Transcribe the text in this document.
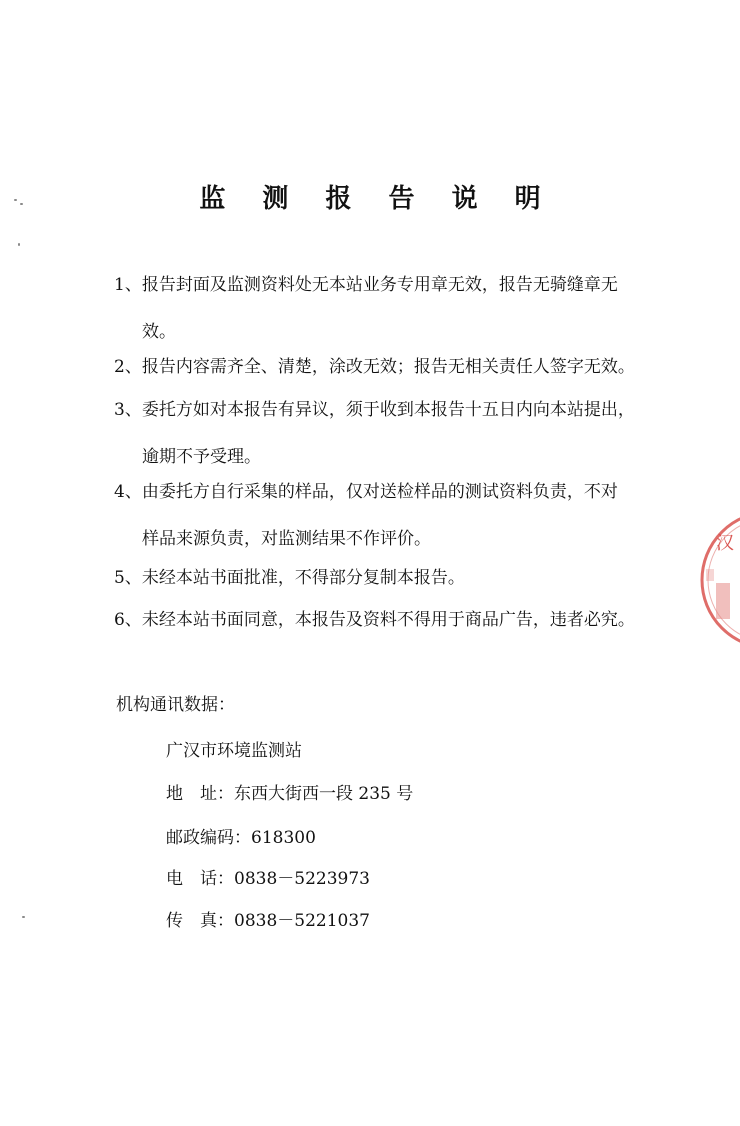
监 测 报 告 说 明
1、报告封面及监测资料处无本站业务专用章无效，报告无骑缝章无
效。
2、报告内容需齐全、清楚，涂改无效；报告无相关责任人签字无效。
3、委托方如对本报告有异议，须于收到本报告十五日内向本站提出，
逾期不予受理。
4、由委托方自行采集的样品，仅对送检样品的测试资料负责，不对
样品来源负责，对监测结果不作评价。
5、未经本站书面批准，不得部分复制本报告。
6、未经本站书面同意，本报告及资料不得用于商品广告，违者必究。
机构通讯数据：
广汉市环境监测站
地　址：东西大街西一段 235 号
邮政编码：618300
电　话：0838－5223973
传　真：0838－5221037
汉
